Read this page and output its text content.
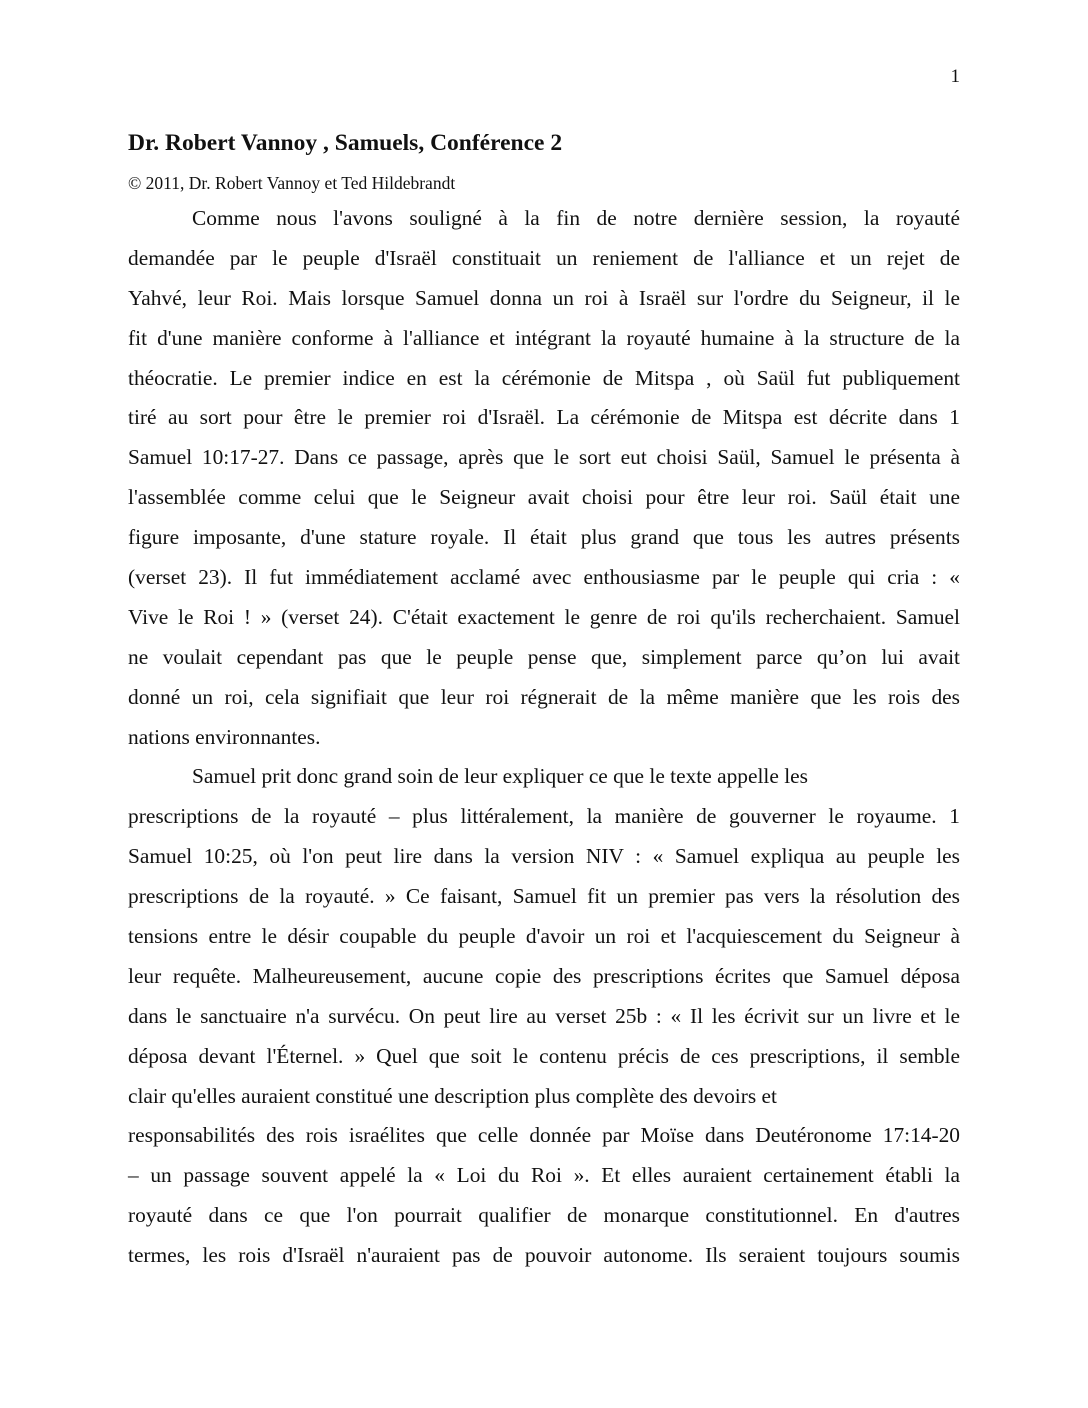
1
Dr. Robert Vannoy , Samuels, Conférence 2

© 2011, Dr. Robert Vannoy et Ted Hildebrandt

Comme nous l'avons souligné à la fin de notre dernière session, la royauté
demandée par le peuple d'Israël constituait un reniement de l'alliance et un rejet de
Yahvé, leur Roi. Mais lorsque Samuel donna un roi à Israël sur l'ordre du Seigneur, il le
fit d'une manière conforme à l'alliance et intégrant la royauté humaine à la structure de la
théocratie. Le premier indice en est la cérémonie de Mitspa , où Saül fut publiquement
tiré au sort pour être le premier roi d'Israël. La cérémonie de Mitspa est décrite dans 1
Samuel 10:17-27. Dans ce passage, après que le sort eut choisi Saül, Samuel le présenta à
l'assemblée comme celui que le Seigneur avait choisi pour être leur roi. Saül était une
figure imposante, d'une stature royale. Il était plus grand que tous les autres présents
(verset 23). Il fut immédiatement acclamé avec enthousiasme par le peuple qui cria : «
Vive le Roi ! » (verset 24). C'était exactement le genre de roi qu'ils recherchaient. Samuel
ne voulait cependant pas que le peuple pense que, simplement parce qu’on lui avait
donné un roi, cela signifiait que leur roi régnerait de la même manière que les rois des
nations environnantes.

Samuel prit donc grand soin de leur expliquer ce que le texte appelle les
prescriptions de la royauté – plus littéralement, la manière de gouverner le royaume. 1
Samuel 10:25, où l'on peut lire dans la version NIV : « Samuel expliqua au peuple les
prescriptions de la royauté. » Ce faisant, Samuel fit un premier pas vers la résolution des
tensions entre le désir coupable du peuple d'avoir un roi et l'acquiescement du Seigneur à
leur requête. Malheureusement, aucune copie des prescriptions écrites que Samuel déposa
dans le sanctuaire n'a survécu. On peut lire au verset 25b : « Il les écrivit sur un livre et le
déposa devant l'Éternel. » Quel que soit le contenu précis de ces prescriptions, il semble
clair qu'elles auraient constitué une description plus complète des devoirs et
responsabilités des rois israélites que celle donnée par Moïse dans Deutéronome 17:14-20
– un passage souvent appelé la « Loi du Roi ». Et elles auraient certainement établi la
royauté dans ce que l'on pourrait qualifier de monarque constitutionnel. En d'autres
termes, les rois d'Israël n'auraient pas de pouvoir autonome. Ils seraient toujours soumis
